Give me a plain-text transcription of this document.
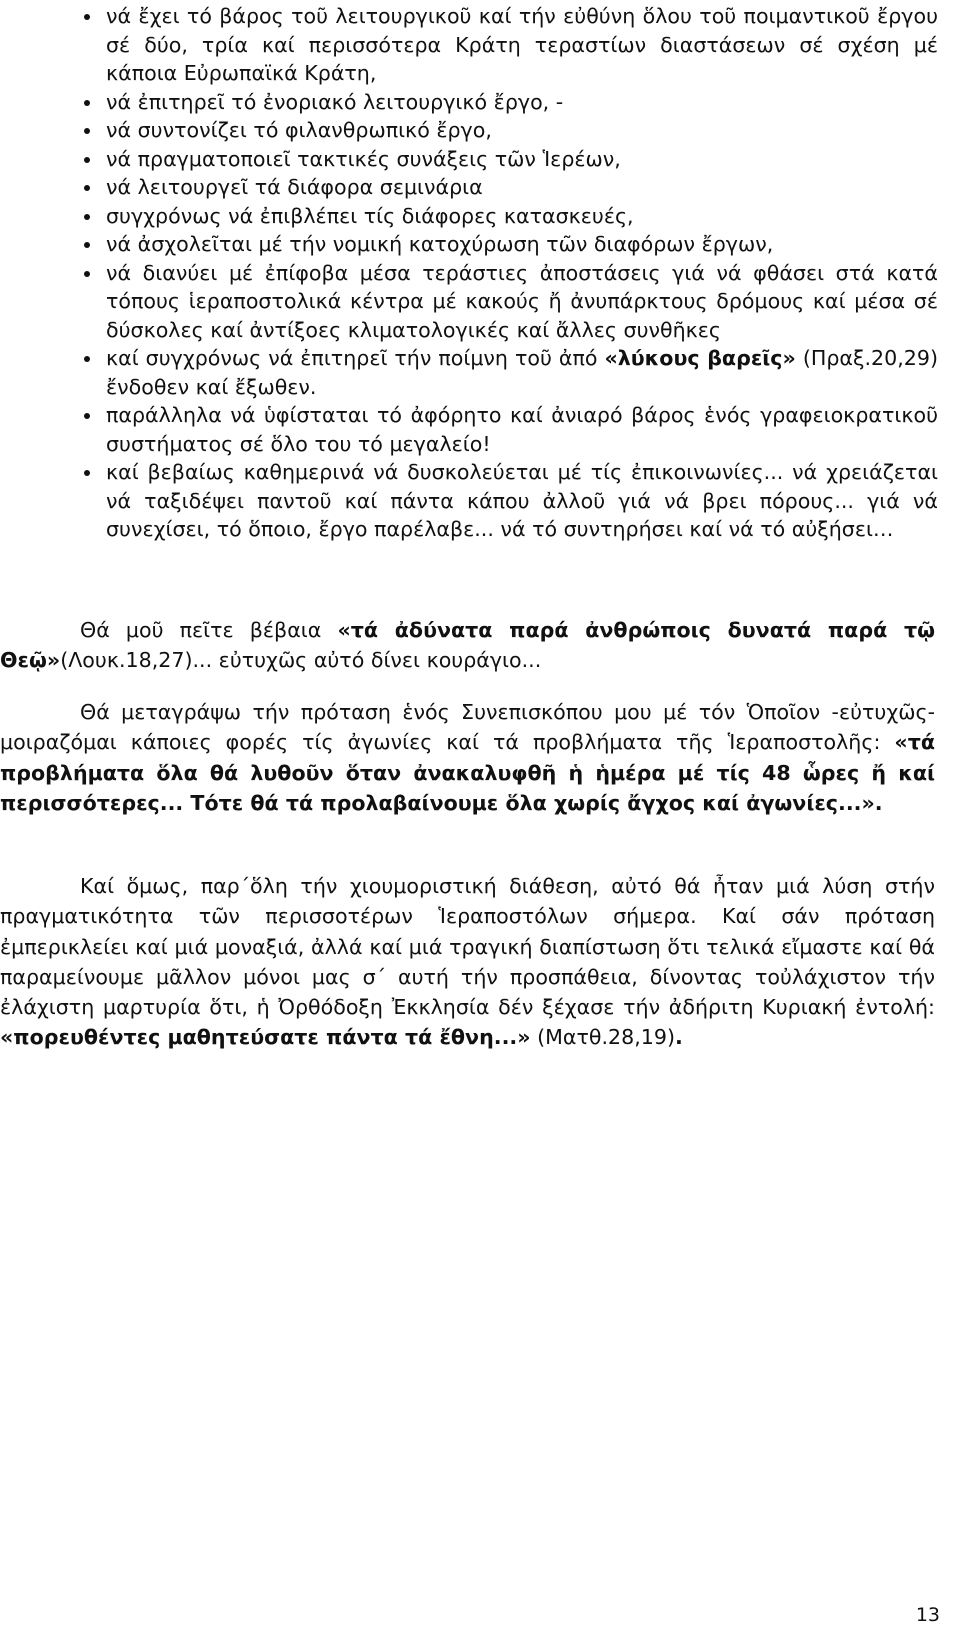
νά ἔχει τό βάρος τοῦ λειτουργικοῦ καί τήν εὐθύνη ὅλου τοῦ ποιμαντικοῦ ἔργου σέ δύο, τρία καί περισσότερα Κράτη τεραστίων διαστάσεων σέ σχέση μέ κάποια Εὐρωπαϊκά Κράτη,
νά ἐπιτηρεῖ τό ἐνοριακό λειτουργικό ἔργο, -
νά συντονίζει τό φιλανθρωπικό ἔργο,
νά πραγματοποιεῖ τακτικές συνάξεις τῶν Ἱερέων,
νά λειτουργεῖ τά διάφορα σεμινάρια
συγχρόνως νά ἐπιβλέπει τίς διάφορες κατασκευές,
νά ἀσχολεῖται μέ τήν νομική κατοχύρωση τῶν διαφόρων ἔργων,
νά διανύει μέ ἐπίφοβα μέσα τεράστιες ἀποστάσεις γιά νά φθάσει στά κατά τόπους ἱεραποστολικά κέντρα μέ κακούς ἤ ἀνυπάρκτους δρόμους καί μέσα σέ δύσκολες καί ἀντίξοες κλιματολογικές καί ἄλλες συνθῆκες
καί συγχρόνως νά ἐπιτηρεῖ τήν ποίμνη τοῦ ἀπό «λύκους βαρεῖς» (Πραξ.20,29) ἔνδοθεν καί ἔξωθεν.
παράλληλα νά ὑφίσταται τό ἀφόρητο καί ἀνιαρό βάρος ἑνός γραφειοκρατικοῦ συστήματος σέ ὅλο του τό μεγαλείο!
καί βεβαίως καθημερινά νά δυσκολεύεται μέ τίς ἐπικοινωνίες... νά χρειάζεται νά ταξιδέψει παντοῦ καί πάντα κάπου ἀλλοῦ γιά νά βρει πόρους... γιά νά συνεχίσει, τό ὅποιο, ἔργο παρέλαβε... νά τό συντηρήσει καί νά τό αὐξήσει…

Θά μοῦ πεῖτε βέβαια «τά ἀδύνατα παρά ἀνθρώποις δυνατά παρά τῷ Θεῷ»(Λουκ.18,27)... εὐτυχῶς αὐτό δίνει κουράγιο...

Θά μεταγράψω τήν πρόταση ἑνός Συνεπισκόπου μου μέ τόν Ὁποῖον -εὐτυχῶς- μοιραζόμαι κάποιες φορές τίς ἀγωνίες καί τά προβλήματα τῆς Ἱεραποστολῆς: «τά προβλήματα ὅλα θά λυθοῦν ὅταν ἀνακαλυφθῆ ἡ ἡμέρα μέ τίς 48 ὧρες ἤ καί περισσότερες... Τότε θά τά προλαβαίνουμε ὅλα χωρίς ἄγχος καί ἀγωνίες...».

Καί ὅμως, παρ΄ὅλη τήν χιουμοριστική διάθεση, αὐτό θά ἦταν μιά λύση στήν πραγματικότητα τῶν περισσοτέρων Ἱεραποστόλων σήμερα. Καί σάν πρόταση ἐμπερικλείει καί μιά μοναξιά, ἀλλά καί μιά τραγική διαπίστωση ὅτι τελικά εἴμαστε καί θά παραμείνουμε μᾶλλον μόνοι μας σ΄ αυτή τήν προσπάθεια, δίνοντας τοὐλάχιστον τήν ἐλάχιστη μαρτυρία ὅτι, ἡ Ὀρθόδοξη Ἐκκλησία δέν ξέχασε τήν ἀδήριτη Κυριακή ἐντολή: «πορευθέντες μαθητεύσατε πάντα τά ἔθνη...» (Ματθ.28,19).

13
